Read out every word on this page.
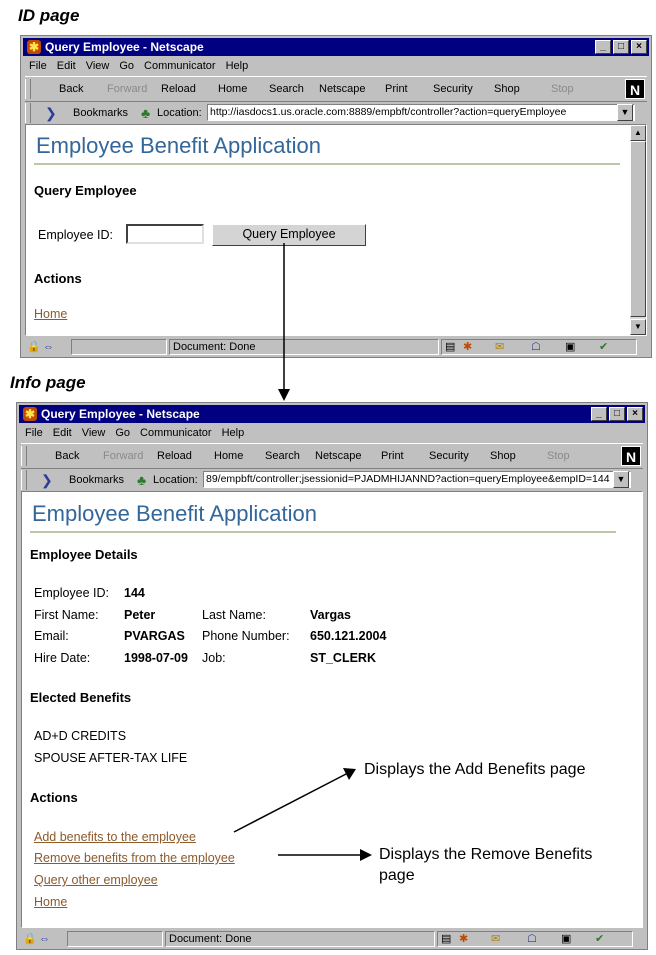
ID page
Info page
✱ Query Employee - Netscape	_	□	×
File Edit View Go Communicator Help
Back Forward Reload Home Search Netscape Print Security Shop	Stop	N
❯	Bookmarks ♣ Location: http://iasdocs1.us.oracle.com:8889/empbft/controller?action=queryEmployee	▼
Employee Benefit Application
Query Employee
Employee ID:	Query Employee
Actions
Home
▲
▼
🔒 ⇔	Document: Done	▤ ✱ ✉ ☖ ▣ ✔
✱ Query Employee - Netscape	_	□	×
File Edit View Go Communicator Help
Back Forward Reload Home Search Netscape Print Security Shop	Stop	N
❯	Bookmarks ♣ Location: 89/empbft/controller;jsessionid=PJADMHIJANND?action=queryEmployee&empID=144 ▼
Employee Benefit Application
Employee Details
Employee ID: 144
First Name: Peter	Last Name:	Vargas
Email:	PVARGAS Phone Number: 650.121.2004
Hire Date:	1998-07-09 Job:	ST_CLERK
Elected Benefits
AD+D CREDITS
SPOUSE AFTER-TAX LIFE
Actions
Add benefits to the employee
Remove benefits from the employee
Query other employee
Home
🔒 ⇔	Document: Done	▤ ✱ ✉ ☖ ▣ ✔
Displays the Add Benefits page
Displays the Remove Benefits
page
